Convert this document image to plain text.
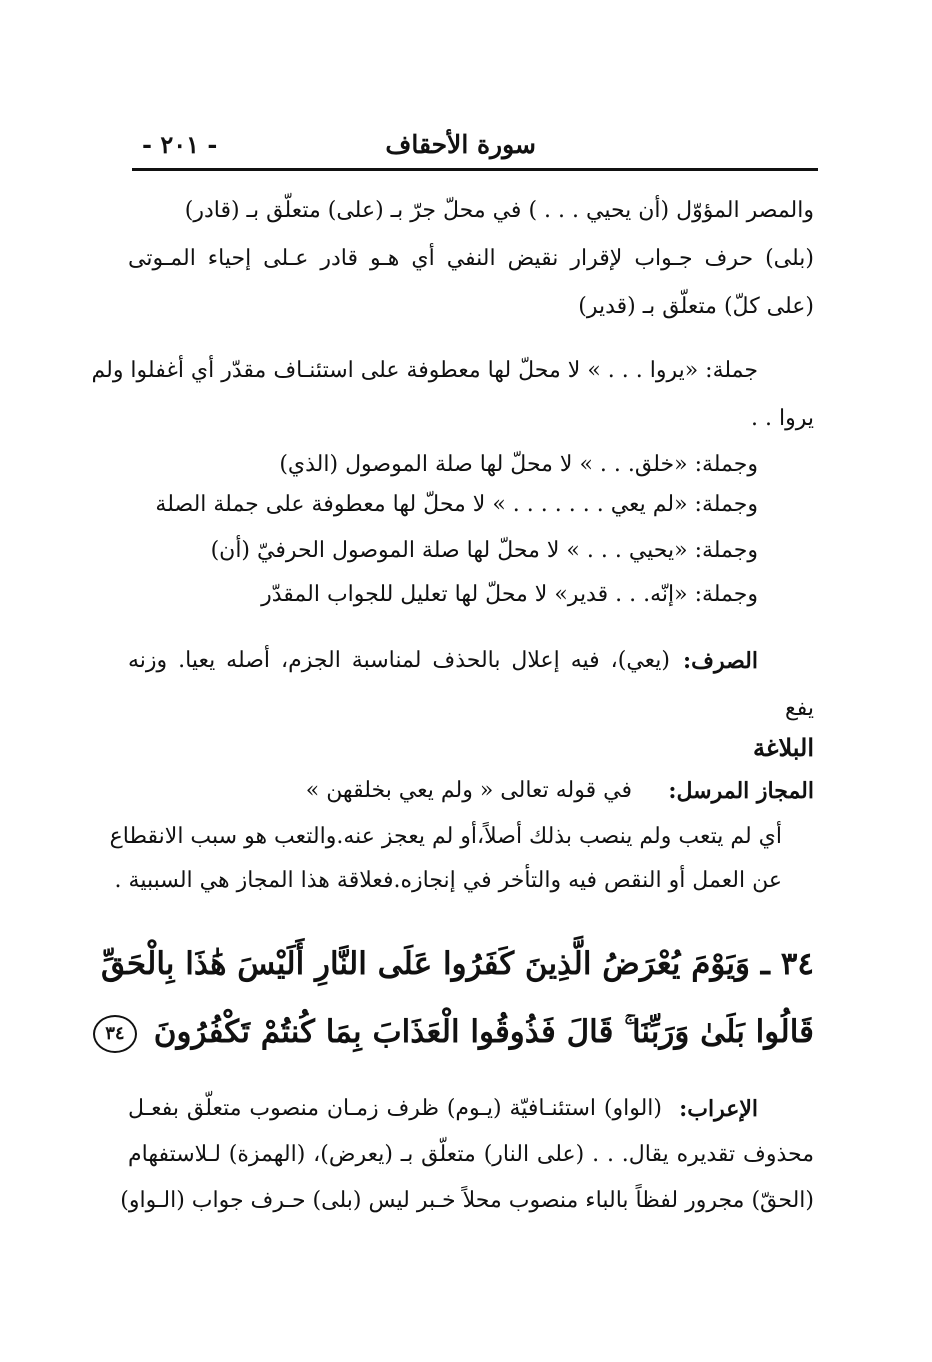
سورة الأحقاف
- ٢٠١ -
والمصر المؤوّل (أن يحيي . . . ) في محلّ جرّ بـ (على) متعلّق بـ (قادر)
(بلى) حرف جـواب لإقرار نقيض النفي أي هـو قادر عـلى إحياء المـوتى
(على كلّ) متعلّق بـ (قدير)
جملة: «يروا . . . » لا محلّ لها معطوفة على استئنـاف مقدّر أي أغفلوا ولم
يروا . .
وجملة: «خلق. . . » لا محلّ لها صلة الموصول (الذي)
وجملة: «لم يعي . . . . . . . » لا محلّ لها معطوفة على جملة الصلة
وجملة: «يحيي . . . » لا محلّ لها صلة الموصول الحرفيّ (أن)
وجملة: «إنّه. . . قدير» لا محلّ لها تعليل للجواب المقدّر
الصرف:
(يعي)، فيه إعلال بالحذف لمناسبة الجزم، أصله يعيا. وزنه
يفع
البلاغة
المجاز المرسل:
في قوله تعالى « ولم يعي بخلقهن »
أي لم يتعب ولم ينصب بذلك أصلاً،أو لم يعجز عنه.والتعب هو سبب الانقطاع
عن العمل أو النقص فيه والتأخر في إنجازه.فعلاقة هذا المجاز هي السببية .
٣٤ ـ وَيَوْمَ يُعْرَضُ الَّذِينَ كَفَرُوا عَلَى النَّارِ أَلَيْسَ هَٰذَا بِالْحَقِّ
قَالُوا بَلَىٰ وَرَبِّنَا ۚ قَالَ فَذُوقُوا الْعَذَابَ بِمَا كُنتُمْ تَكْفُرُونَ ٣٤
الإعراب:
(الواو) استئنـافيّة (يـوم) ظرف زمـان منصوب متعلّق بفعـل
محذوف تقديره يقال. . . (على النار) متعلّق بـ (يعرض)، (الهمزة) لـلاستفهام
(الحقّ) مجرور لفظاً بالباء منصوب محلاً خـبر ليس (بلى) حـرف جواب (الـواو)
